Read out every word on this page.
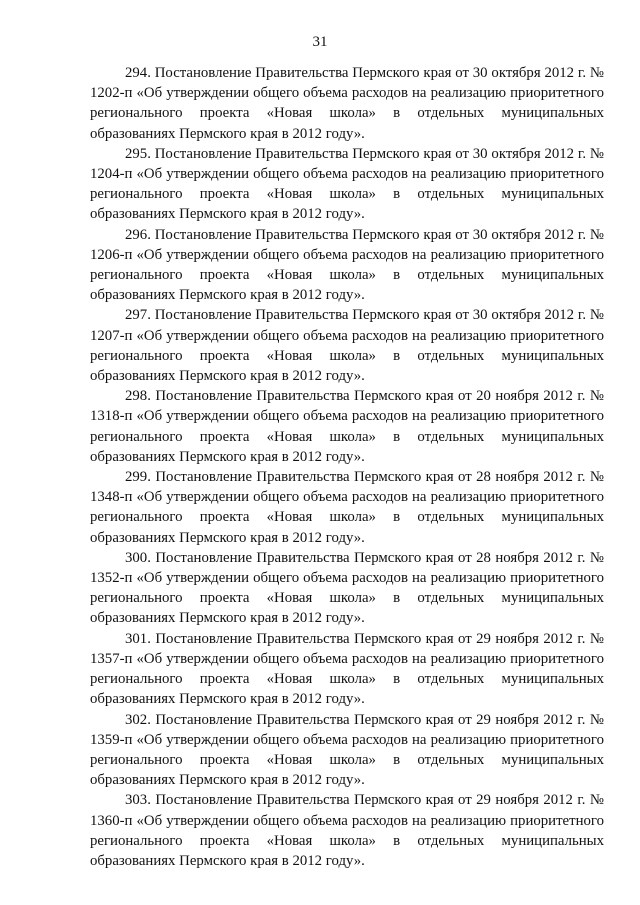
31

294. Постановление Правительства Пермского края от 30 октября 2012 г. № 1202-п «Об утверждении общего объема расходов на реализацию приоритетного регионального проекта «Новая школа» в отдельных муниципальных образованиях Пермского края в 2012 году».

295. Постановление Правительства Пермского края от 30 октября 2012 г. № 1204-п «Об утверждении общего объема расходов на реализацию приоритетного регионального проекта «Новая школа» в отдельных муниципальных образованиях Пермского края в 2012 году».

296. Постановление Правительства Пермского края от 30 октября 2012 г. № 1206-п «Об утверждении общего объема расходов на реализацию приоритетного регионального проекта «Новая школа» в отдельных муниципальных образованиях Пермского края в 2012 году».

297. Постановление Правительства Пермского края от 30 октября 2012 г. № 1207-п «Об утверждении общего объема расходов на реализацию приоритетного регионального проекта «Новая школа» в отдельных муниципальных образованиях Пермского края в 2012 году».

298. Постановление Правительства Пермского края от 20 ноября 2012 г. № 1318-п «Об утверждении общего объема расходов на реализацию приоритетного регионального проекта «Новая школа» в отдельных муниципальных образованиях Пермского края в 2012 году».

299. Постановление Правительства Пермского края от 28 ноября 2012 г. № 1348-п «Об утверждении общего объема расходов на реализацию приоритетного регионального проекта «Новая школа» в отдельных муниципальных образованиях Пермского края в 2012 году».

300. Постановление Правительства Пермского края от 28 ноября 2012 г. № 1352-п «Об утверждении общего объема расходов на реализацию приоритетного регионального проекта «Новая школа» в отдельных муниципальных образованиях Пермского края в 2012 году».

301. Постановление Правительства Пермского края от 29 ноября 2012 г. № 1357-п «Об утверждении общего объема расходов на реализацию приоритетного регионального проекта «Новая школа» в отдельных муниципальных образованиях Пермского края в 2012 году».

302. Постановление Правительства Пермского края от 29 ноября 2012 г. № 1359-п «Об утверждении общего объема расходов на реализацию приоритетного регионального проекта «Новая школа» в отдельных муниципальных образованиях Пермского края в 2012 году».

303. Постановление Правительства Пермского края от 29 ноября 2012 г. № 1360-п «Об утверждении общего объема расходов на реализацию приоритетного регионального проекта «Новая школа» в отдельных муниципальных образованиях Пермского края в 2012 году».
